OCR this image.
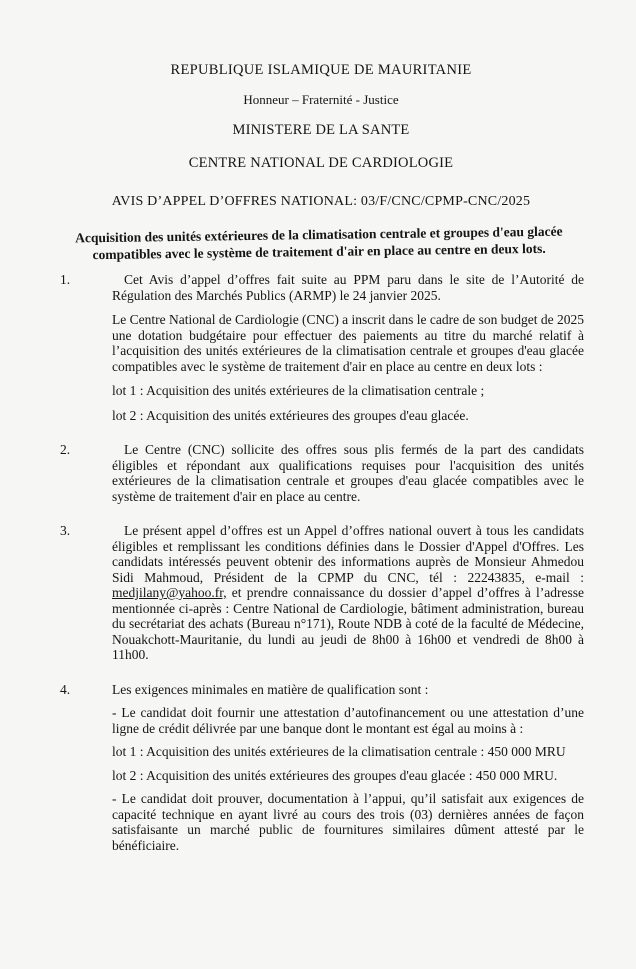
REPUBLIQUE ISLAMIQUE DE MAURITANIE
Honneur – Fraternité - Justice
MINISTERE DE LA SANTE
CENTRE NATIONAL DE CARDIOLOGIE
AVIS D’APPEL D’OFFRES NATIONAL: 03/F/CNC/CPMP-CNC/2025
Acquisition des unités extérieures de la climatisation centrale et groupes d'eau glacée compatibles avec le système de traitement d'air en place au centre en deux lots.
1.	Cet Avis d’appel d’offres fait suite au PPM paru dans le site de l’Autorité de Régulation des Marchés Publics (ARMP) le 24 janvier 2025.

Le Centre National de Cardiologie (CNC) a inscrit dans le cadre de son budget de 2025 une dotation budgétaire pour effectuer des paiements au titre du marché relatif à l’acquisition des unités extérieures de la climatisation centrale et groupes d'eau glacée compatibles avec le système de traitement d'air en place au centre en deux lots :

lot 1 : Acquisition des unités extérieures de la climatisation centrale ;

lot 2 : Acquisition des unités extérieures des groupes d'eau glacée.

2.	Le Centre (CNC) sollicite des offres sous plis fermés de la part des candidats éligibles et répondant aux qualifications requises pour l'acquisition des unités extérieures de la climatisation centrale et groupes d'eau glacée compatibles avec le système de traitement d'air en place au centre.

3.	Le présent appel d’offres est un Appel d’offres national ouvert à tous les candidats éligibles et remplissant les conditions définies dans le Dossier d'Appel d'Offres. Les candidats intéressés peuvent obtenir des informations auprès de Monsieur Ahmedou Sidi Mahmoud, Président de la CPMP du CNC, tél : 22243835, e-mail : medjilany@yahoo.fr, et prendre connaissance du dossier d’appel d’offres à l’adresse mentionnée ci-après : Centre National de Cardiologie, bâtiment administration, bureau du secrétariat des achats (Bureau n°171), Route NDB à coté de la faculté de Médecine, Nouakchott-Mauritanie, du lundi au jeudi de 8h00 à 16h00 et vendredi de 8h00 à 11h00.

4.	Les exigences minimales en matière de qualification sont :

- Le candidat doit fournir une attestation d’autofinancement ou une attestation d’une ligne de crédit délivrée par une banque dont le montant est égal au moins à :

lot 1 : Acquisition des unités extérieures de la climatisation centrale : 450 000 MRU

lot 2 : Acquisition des unités extérieures des groupes d'eau glacée : 450 000 MRU.

- Le candidat doit prouver, documentation à l’appui, qu’il satisfait aux exigences de capacité technique en ayant livré au cours des trois (03) dernières années de façon satisfaisante un marché public de fournitures similaires dûment attesté par le bénéficiaire.
